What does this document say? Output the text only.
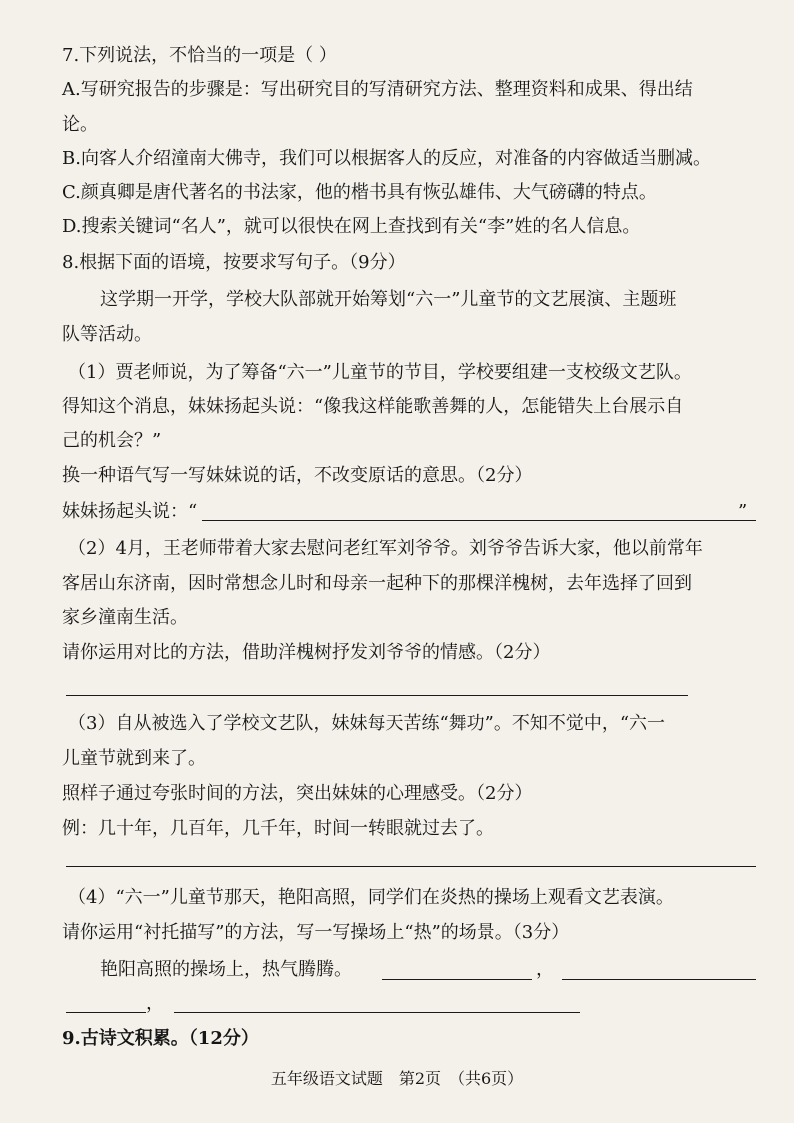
7.下列说法，不恰当的一项是（ ）
A.写研究报告的步骤是：写出研究目的写清研究方法、整理资料和成果、得出结
论。
B.向客人介绍潼南大佛寺，我们可以根据客人的反应，对准备的内容做适当删减。
C.颜真卿是唐代著名的书法家，他的楷书具有恢弘雄伟、大气磅礴的特点。
D.搜索关键词“名人”，就可以很快在网上查找到有关“李”姓的名人信息。
8.根据下面的语境，按要求写句子。（9分）
这学期一开学，学校大队部就开始筹划“六一”儿童节的文艺展演、主题班
队等活动。
（1）贾老师说，为了筹备“六一”儿童节的节目，学校要组建一支校级文艺队。
得知这个消息，妹妹扬起头说：“像我这样能歌善舞的人，怎能错失上台展示自
己的机会？”
换一种语气写一写妹妹说的话，不改变原话的意思。（2分）
妹妹扬起头说：“	”
（2）4月，王老师带着大家去慰问老红军刘爷爷。刘爷爷告诉大家，他以前常年
客居山东济南，因时常想念儿时和母亲一起种下的那棵洋槐树，去年选择了回到
家乡潼南生活。
请你运用对比的方法，借助洋槐树抒发刘爷爷的情感。（2分）
（3）自从被选入了学校文艺队，妹妹每天苦练“舞功”。不知不觉中，“六一
儿童节就到来了。
照样子通过夸张时间的方法，突出妹妹的心理感受。（2分）
例：几十年，几百年，几千年，时间一转眼就过去了。
（4）“六一”儿童节那天，艳阳高照，同学们在炎热的操场上观看文艺表演。
请你运用“衬托描写”的方法，写一写操场上“热”的场景。（3分）
艳阳高照的操场上，热气腾腾。	，
，
9.古诗文积累。（12分）
五年级语文试题　第2页　（共6页）
